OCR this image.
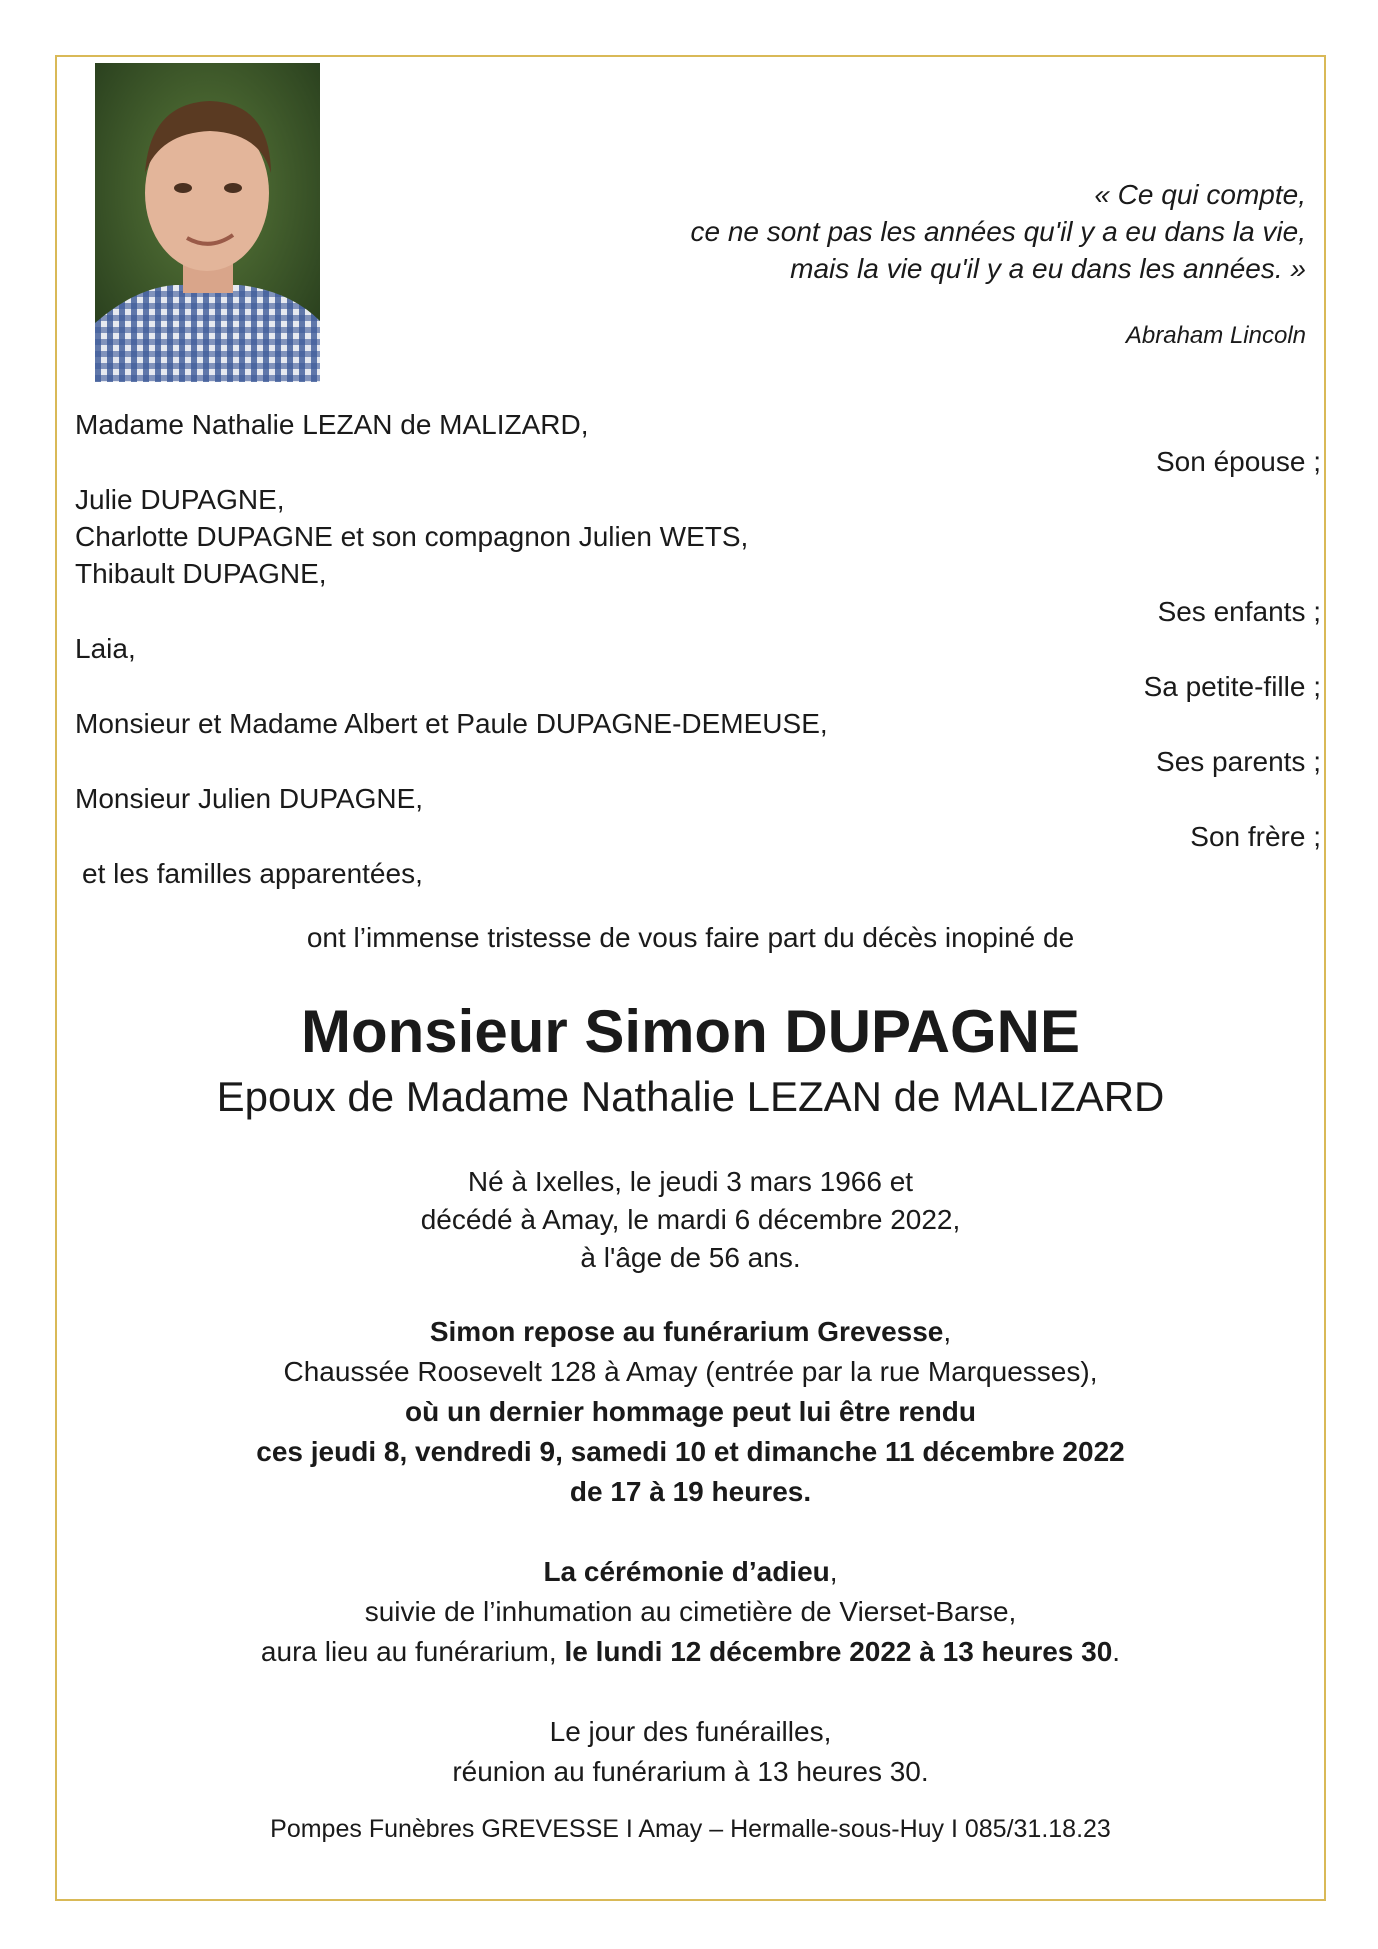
« Ce qui compte,
ce ne sont pas les années qu'il y a eu dans la vie,
mais la vie qu'il y a eu dans les années. »
Abraham Lincoln
Madame Nathalie LEZAN de MALIZARD,
Son épouse ;
Julie DUPAGNE,
Charlotte DUPAGNE et son compagnon Julien WETS,
Thibault DUPAGNE,
Ses enfants ;
Laia,
Sa petite-fille ;
Monsieur et Madame Albert et Paule DUPAGNE-DEMEUSE,
Ses parents ;
Monsieur Julien DUPAGNE,
Son frère ;
et les familles apparentées,
ont l’immense tristesse de vous faire part du décès inopiné de
Monsieur Simon DUPAGNE
Epoux de Madame Nathalie LEZAN de MALIZARD
Né à Ixelles, le jeudi 3 mars 1966 et
décédé à Amay, le mardi 6 décembre 2022,
à l'âge de 56 ans.
Simon repose au funérarium Grevesse,
Chaussée Roosevelt 128 à Amay (entrée par la rue Marquesses),
où un dernier hommage peut lui être rendu
ces jeudi 8, vendredi 9, samedi 10 et dimanche 11 décembre 2022
de 17 à 19 heures.
La cérémonie d’adieu,
suivie de l’inhumation au cimetière de Vierset-Barse,
aura lieu au funérarium, le lundi 12 décembre 2022 à 13 heures 30.
Le jour des funérailles,
réunion au funérarium à 13 heures 30.
Pompes Funèbres GREVESSE I Amay – Hermalle-sous-Huy I 085/31.18.23
